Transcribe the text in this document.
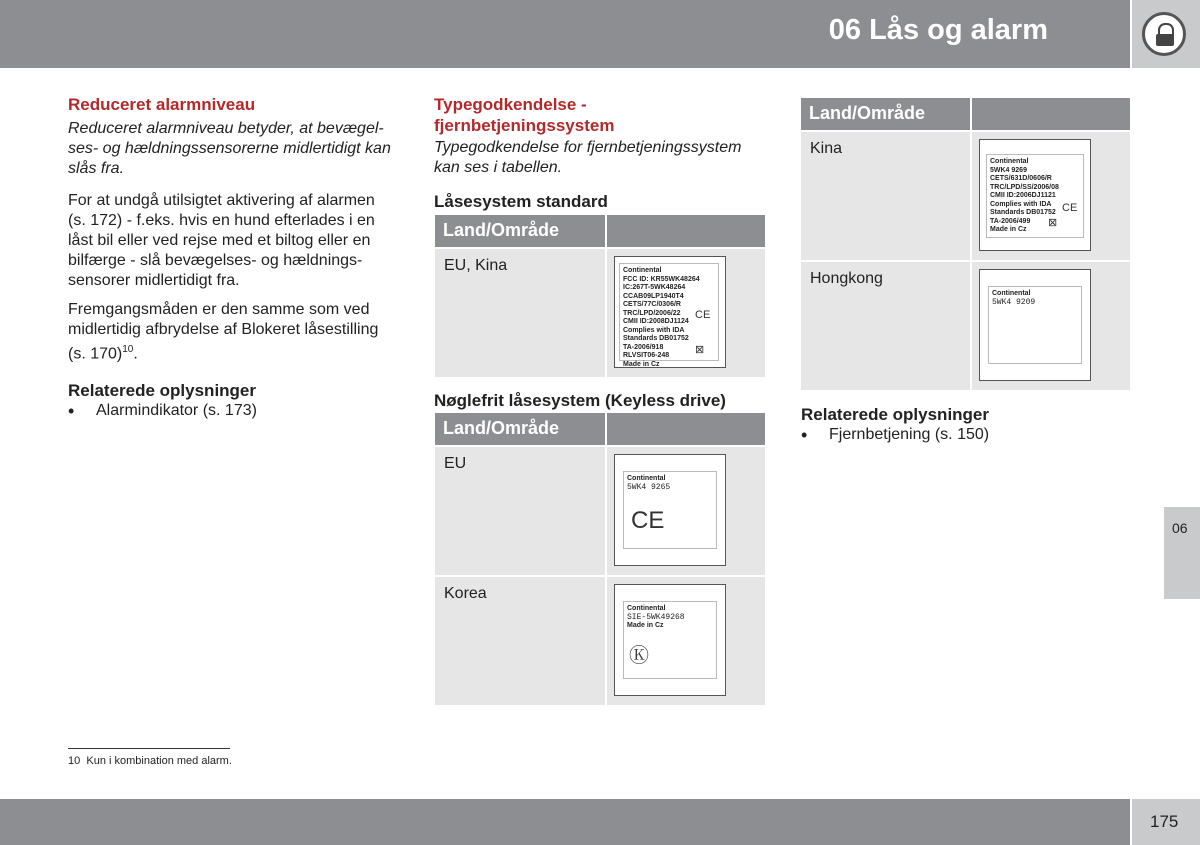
06 Lås og alarm

Reduceret alarmniveau

Reduceret alarmniveau betyder, at bevægel-
ses- og hældningssensorerne midlertidigt kan
slås fra.
For at undgå utilsigtet aktivering af alarmen
(s. 172) - f.eks. hvis en hund efterlades i en
låst bil eller ved rejse med et biltog eller en
bilfærge - slå bevægelses- og hældnings-
sensorer midlertidigt fra.
Fremgangsmåden er den samme som ved
midlertidig afbrydelse af Blokeret låsestilling
(s. 170)$^{10}$.

Relaterede oplysninger

• Alarmindikator (s. 173)
Typegodkendelse -
fjernbetjeningssystem
Typegodkendelse for fjernbetjeningssystem
kan ses i tabellen.

Låsesystem standard

Land/Område
EU, Kina	Continental
FCC ID: KR55WK48264
IC:267T-5WK48264
CCAB09LP1940T4
CETS/77C/0306/R
TRC/LPD/2006/22
CMII ID:2008DJ1124
Complies with IDA
Standards DB01752
TA-2006/918
RLVSIT06-248
Made in Cz
CE
⊠

Nøglefrit låsesystem (Keyless drive)

Land/Område
EU
Continental
5WK4 9265
CE
Korea
Continental
SIE-5WK49268
Made in Cz
Ⓚ
Land/Område
Kina
Continental
5WK4 9269
CETS/631D/0606/R
TRC/LPD/SS/2006/08
CMII ID:2006DJ1121
Complies with IDA
Standards DB01752
TA-2006/499
Made in Cz
CE
⊠
Hongkong
Continental
5WK4 9209

Relaterede oplysninger

• Fjernbetjening (s. 150)
06
10 Kun i kombination med alarm.
175
